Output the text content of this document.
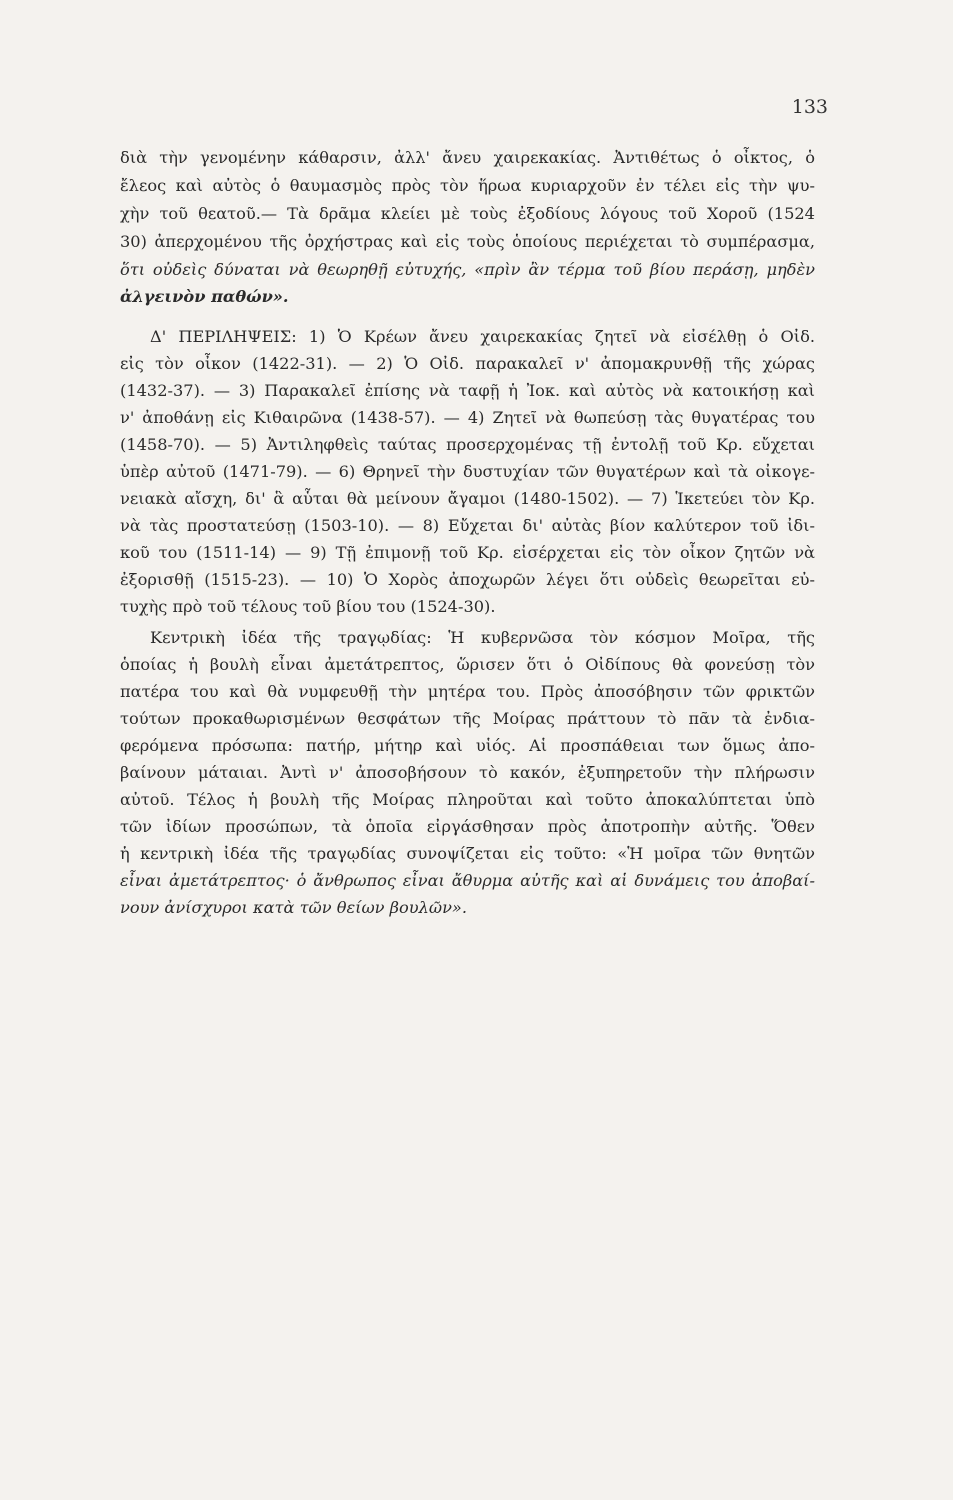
133
διὰ τὴν γενομένην κάθαρσιν, ἀλλ' ἄνευ χαιρεκακίας. Ἀντιθέτως ὁ οἶκτος, ὁ
ἔλεος καὶ αὐτὸς ὁ θαυμασμὸς πρὸς τὸν ἥρωα κυριαρχοῦν ἐν τέλει εἰς τὴν ψυ-
χὴν τοῦ θεατοῦ.— Τὰ δρᾶμα κλείει μὲ τοὺς ἐξοδίους λόγους τοῦ Χοροῦ (1524
30) ἀπερχομένου τῆς ὀρχήστρας καὶ εἰς τοὺς ὁποίους περιέχεται τὸ συμπέρασμα,
ὅτι οὐδεὶς δύναται νὰ θεωρηθῇ εὐτυχής, «πρὶν ἂν τέρμα τοῦ βίου περάσῃ, μηδὲν
ἀλγεινὸν παθών».
Δ' ΠΕΡΙΛΗΨΕΙΣ: 1) Ὁ Κρέων ἄνευ χαιρεκακίας ζητεῖ νὰ εἰσέλθῃ ὁ Οἰδ.
εἰς τὸν οἶκον (1422-31). — 2) Ὁ Οἰδ. παρακαλεῖ ν' ἀπομακρυνθῇ τῆς χώρας
(1432-37). — 3) Παρακαλεῖ ἐπίσης νὰ ταφῇ ἡ Ἰοκ. καὶ αὐτὸς νὰ κατοικήσῃ καὶ
ν' ἀποθάνῃ εἰς Κιθαιρῶνα (1438-57). — 4) Ζητεῖ νὰ θωπεύσῃ τὰς θυγατέρας του
(1458-70). — 5) Ἀντιληφθεὶς ταύτας προσερχομένας τῇ ἐντολῇ τοῦ Κρ. εὔχεται
ὑπὲρ αὐτοῦ (1471-79). — 6) Θρηνεῖ τὴν δυστυχίαν τῶν θυγατέρων καὶ τὰ οἰκογε-
νειακὰ αἴσχη, δι' ἃ αὗται θὰ μείνουν ἄγαμοι (1480-1502). — 7) Ἱκετεύει τὸν Κρ.
νὰ τὰς προστατεύσῃ (1503-10). — 8) Εὔχεται δι' αὐτὰς βίον καλύτερον τοῦ ἰδι-
κοῦ του (1511-14) — 9) Τῇ ἐπιμονῇ τοῦ Κρ. εἰσέρχεται εἰς τὸν οἶκον ζητῶν νὰ
ἐξορισθῇ (1515-23). — 10) Ὁ Χορὸς ἀποχωρῶν λέγει ὅτι οὐδεὶς θεωρεῖται εὐ-
τυχὴς πρὸ τοῦ τέλους τοῦ βίου του (1524-30).
Κεντρικὴ ἰδέα τῆς τραγῳδίας: Ἡ κυβερνῶσα τὸν κόσμον Μοῖρα, τῆς
ὁποίας ἡ βουλὴ εἶναι ἀμετάτρεπτος, ὥρισεν ὅτι ὁ Οἰδίπους θὰ φονεύσῃ τὸν
πατέρα του καὶ θὰ νυμφευθῇ τὴν μητέρα του. Πρὸς ἀποσόβησιν τῶν φρικτῶν
τούτων προκαθωρισμένων θεσφάτων τῆς Μοίρας πράττουν τὸ πᾶν τὰ ἐνδια-
φερόμενα πρόσωπα: πατήρ, μήτηρ καὶ υἱός. Αἱ προσπάθειαι των ὅμως ἀπο-
βαίνουν μάταιαι. Ἀντὶ ν' ἀποσοβήσουν τὸ κακόν, ἐξυπηρετοῦν τὴν πλήρωσιν
αὐτοῦ. Τέλος ἡ βουλὴ τῆς Μοίρας πληροῦται καὶ τοῦτο ἀποκαλύπτεται ὑπὸ
τῶν ἰδίων προσώπων, τὰ ὁποῖα εἰργάσθησαν πρὸς ἀποτροπὴν αὐτῆς. Ὅθεν
ἡ κεντρικὴ ἰδέα τῆς τραγῳδίας συνοψίζεται εἰς τοῦτο: «Ἡ μοῖρα τῶν θνητῶν
εἶναι ἀμετάτρεπτος· ὁ ἄνθρωπος εἶναι ἄθυρμα αὐτῆς καὶ αἱ δυνάμεις του ἀποβαί-
νουν ἀνίσχυροι κατὰ τῶν θείων βουλῶν».
